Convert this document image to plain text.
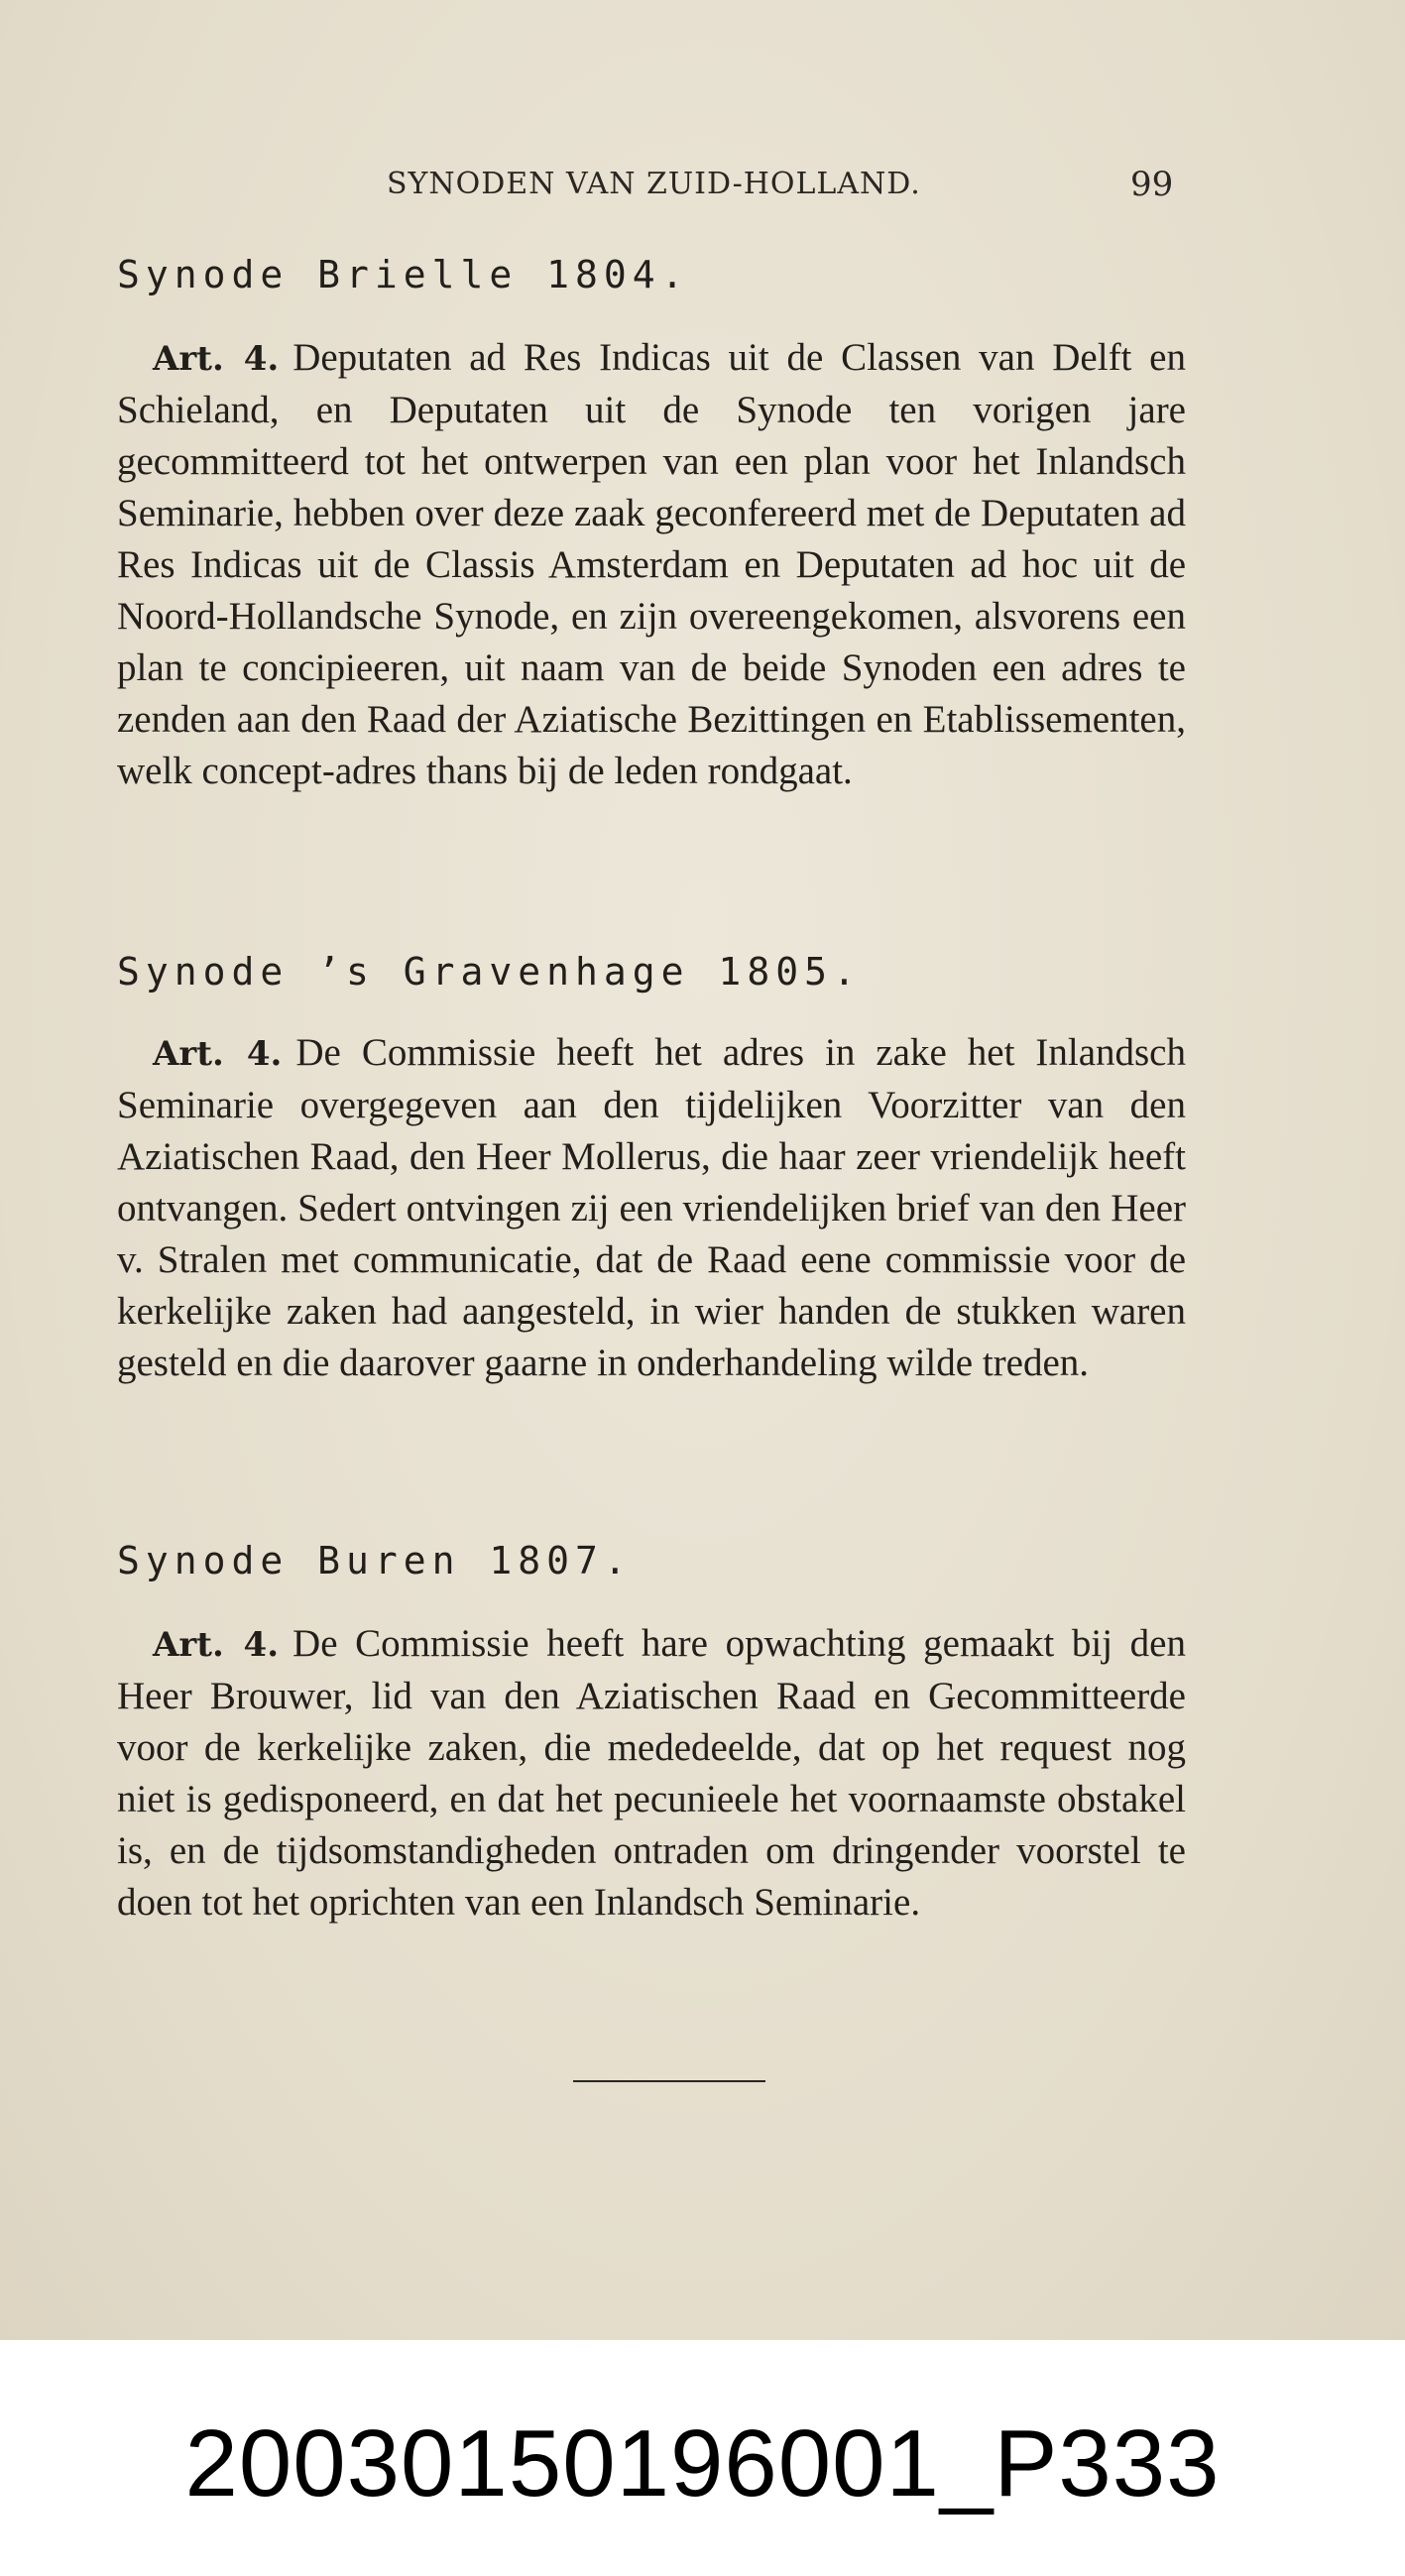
SYNODEN VAN ZUID-HOLLAND.	99

Synode Brielle 1804.

Art. 4. Deputaten ad Res Indicas uit de Classen van Delft en Schieland, en Deputaten uit de Synode ten vorigen jare gecommitteerd tot het ontwerpen van een plan voor het Inlandsch Seminarie, hebben over deze zaak geconfereerd met de Deputaten ad Res Indicas uit de Classis Amsterdam en Deputaten ad hoc uit de Noord-Hollandsche Synode, en zijn overeengekomen, alsvorens een plan te concipieeren, uit naam van de beide Synoden een adres te zenden aan den Raad der Aziatische Bezittingen en Etablissementen, welk concept-adres thans bij de leden rondgaat.

Synode ’s Gravenhage 1805.

Art. 4. De Commissie heeft het adres in zake het Inlandsch Seminarie overgegeven aan den tijdelijken Voorzitter van den Aziatischen Raad, den Heer Mollerus, die haar zeer vriendelijk heeft ontvangen. Sedert ontvingen zij een vriendelijken brief van den Heer v. Stralen met communicatie, dat de Raad eene commissie voor de kerkelijke zaken had aangesteld, in wier handen de stukken waren gesteld en die daarover gaarne in onderhandeling wilde treden.

Synode Buren 1807.

Art. 4. De Commissie heeft hare opwachting gemaakt bij den Heer Brouwer, lid van den Aziatischen Raad en Gecommitteerde voor de kerkelijke zaken, die mededeelde, dat op het request nog niet is gedisponeerd, en dat het pecunieele het voornaamste obstakel is, en de tijdsomstandigheden ontraden om dringender voorstel te doen tot het oprichten van een Inlandsch Seminarie.

20030150196001_P333
